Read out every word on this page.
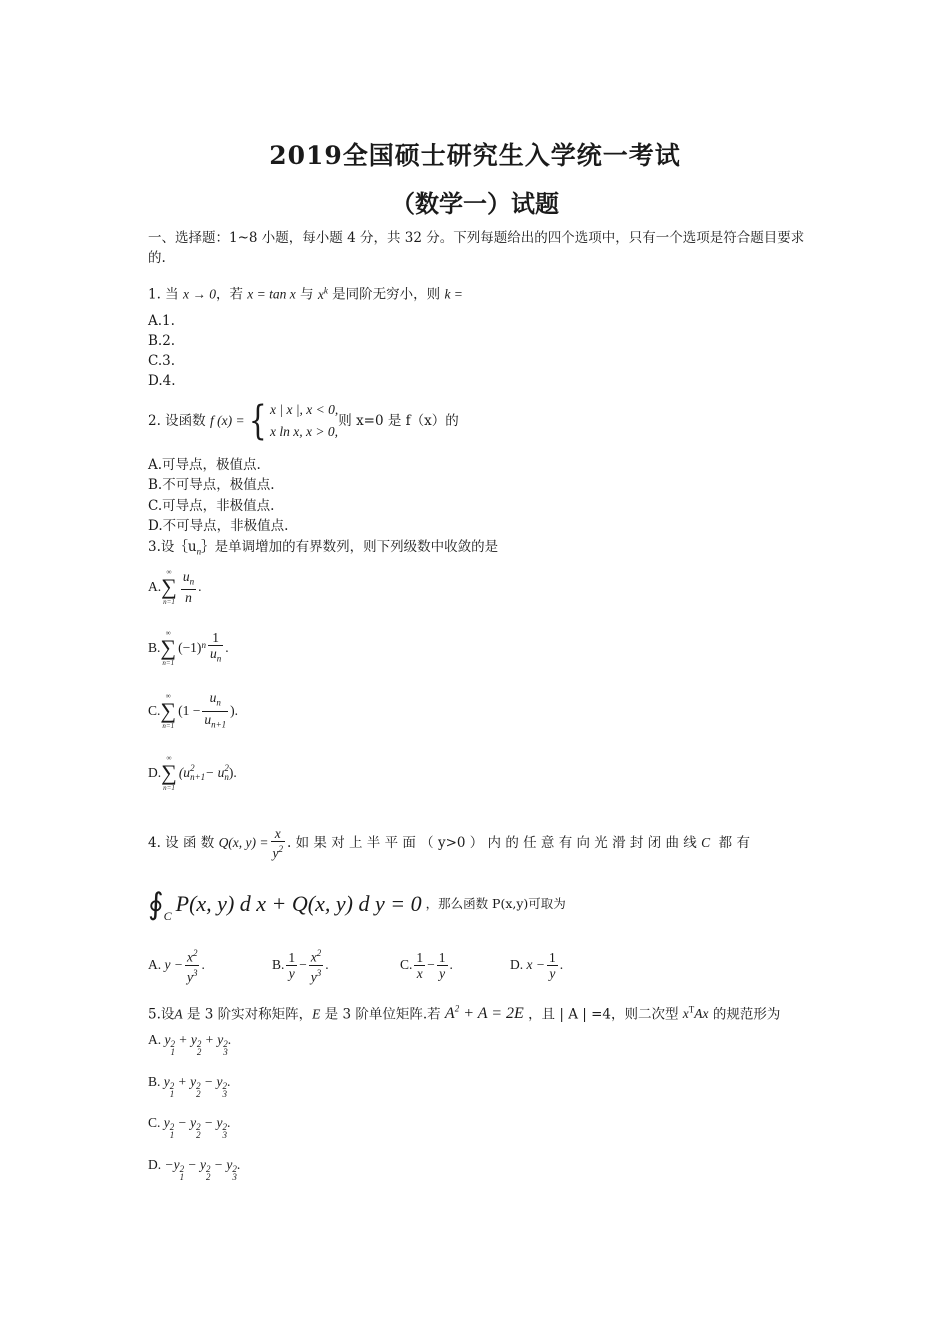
2019全国硕士研究生入学统一考试
（数学一）试题
一、选择题：1~8 小题，每小题 4 分，共 32 分。下列每题给出的四个选项中，只有一个选项是符合题目要求
的.
1. 当 x → 0，若 x = tan x 与 $x^k$ 是同阶无穷小，则 k =
A.1.
B.2.
C.3.
D.4.
2. 设函数
f (x) = { x | x |, x < 0,
x ln x, x > 0,
则 x=0 是 f（x）的
A.可导点，极值点.
B.不可导点，极值点.
C.可导点，非极值点.
D.不可导点，非极值点.
3.设$\{u_n\}$是单调增加的有界数列，则下列级数中收敛的是
A.
∞
∑
$n=1 \frac{u_n}{n}$ .
B.
∞
∑
n=1
$(-1)^n \frac{1}{u_n}$ .
C.
∞
∑
n=1
($1 - \frac{u_n}{u_{n+1}}$ ).
D.
∞
∑
n=1
(u 2
n+1 − u 2
n ).
4. 设 函 数
Q(x, $y) = \frac{x}{y^2}$ . 如 果 对 上 半 平 面 （ y>0 ） 内 的 任 意 有 向 光 滑 封 闭 曲 线
C
都 有
$∮_C$ P(x, y) d x + Q(x, y) d y = 0 ，那么函数 P(x,y)可取为
A.
$y - \frac{x^2}{y^3}$ .	B. $\frac{1}{y} - \frac{x^2}{y^3}$ .	C. $\frac{1}{x} - \frac{1}{y}$ .	D.
$x - \frac{1}{y}$ .
5.设A 是 3 阶实对称矩阵，E 是 3 阶单位矩阵.若 $A^2 + A = 2E$ ，且 | A | =4，则二次型 $x^TAx$ 的规范形为
A. y 2
1
+ y 2
2
+ y 2
3
.
B. y 2
1
+ y 2
2
− y 2
3
.
C. y 2
1
− y 2
2
− y 2
3
.
D. −y 2
1
− y 2
2
− y 2
3
.
